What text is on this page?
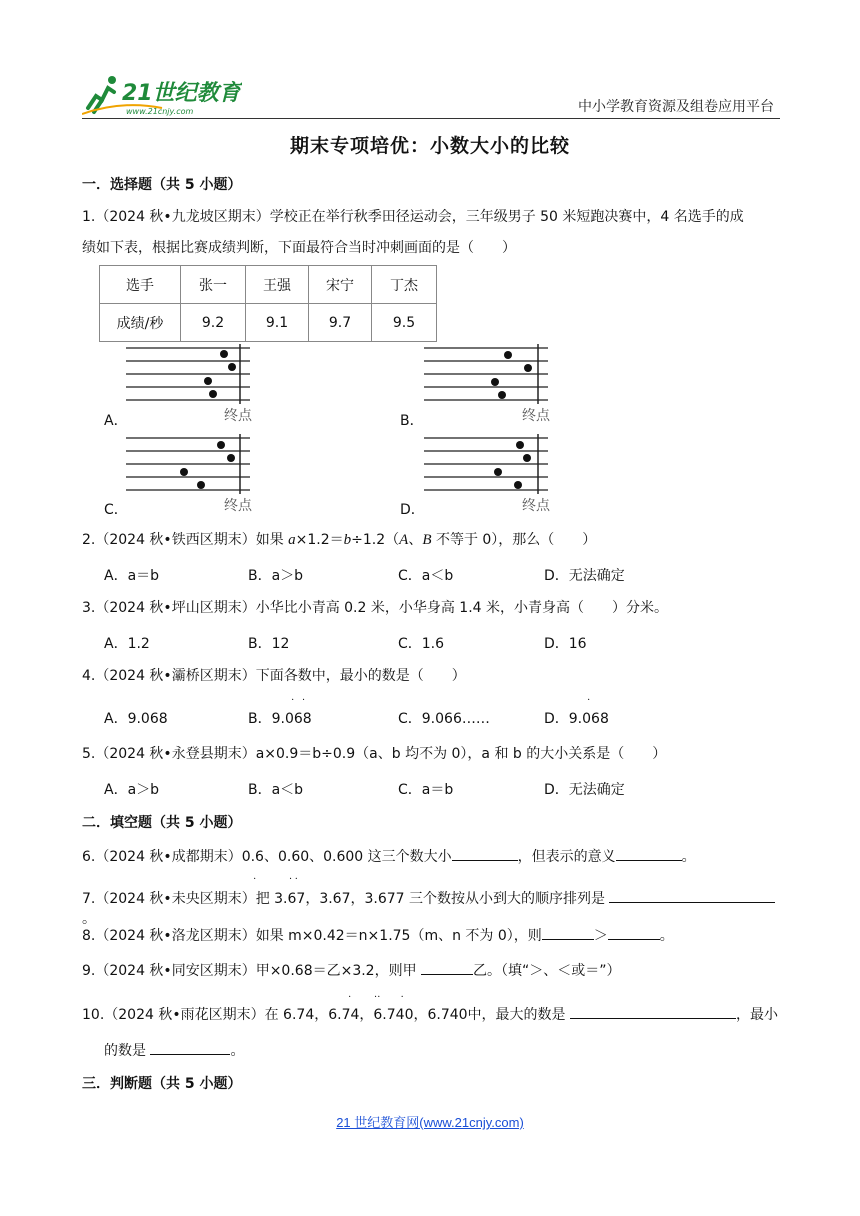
21世纪教育
www.21cnjy.com	中小学教育资源及组卷应用平台
期末专项培优：小数大小的比较
一．选择题（共 5 小题）
1.（2024 秋•九龙坡区期末）学校正在举行秋季田径运动会，三年级男子 50 米短跑决赛中，4 名选手的成
绩如下表，根据比赛成绩判断，下面最符合当时冲刺画面的是（　　）
选手	张一	王强	宋宁	丁杰
成绩/秒	9.2	9.1	9.7	9.5
A．	终点	B．	终点
C．	终点	D．	终点
2.（2024 秋•铁西区期末）如果 a×1.2＝b÷1.2（A、B 不等于 0），那么（　　）
A．a＝b	B．a＞b	C．a＜b	D．无法确定
3.（2024 秋•坪山区期末）小华比小青高 0.2 米，小华身高 1.4 米，小青身高（　　）分米。
A．1.2	B．12	C．1.6	D．16
4.（2024 秋•灞桥区期末）下面各数中，最小的数是（　　）
·   ·	·
A．9.068	B．9.068	C．9.066……	D．9.068
5.（2024 秋•永登县期末）a×0.9＝b÷0.9（a、b 均不为 0），a 和 b 的大小关系是（　　）
A．a＞b	B．a＜b	C．a＝b	D．无法确定
二．填空题（共 5 小题）
6.（2024 秋•成都期末）0.6、0.60、0.600 这三个数大小	，但表示的意义	。
·             · ·
7.（2024 秋•未央区期末）把 3.67，3.67，3.677 三个数按从小到大的顺序排列是 。
8.（2024 秋•洛龙区期末）如果 m×0.42＝n×1.75（m、n 不为 0），则	＞	。
9.（2024 秋•同安区期末）甲×0.68＝乙×3.2，则甲	乙。（填“＞、＜或＝”）
·         ··        ·
10.（2024 秋•雨花区期末）在 6.74，6.74，6.740，6.740中，最大的数是	，最小
的数是	。
三．判断题（共 5 小题）
21 世纪教育网(www.21cnjy.com)
